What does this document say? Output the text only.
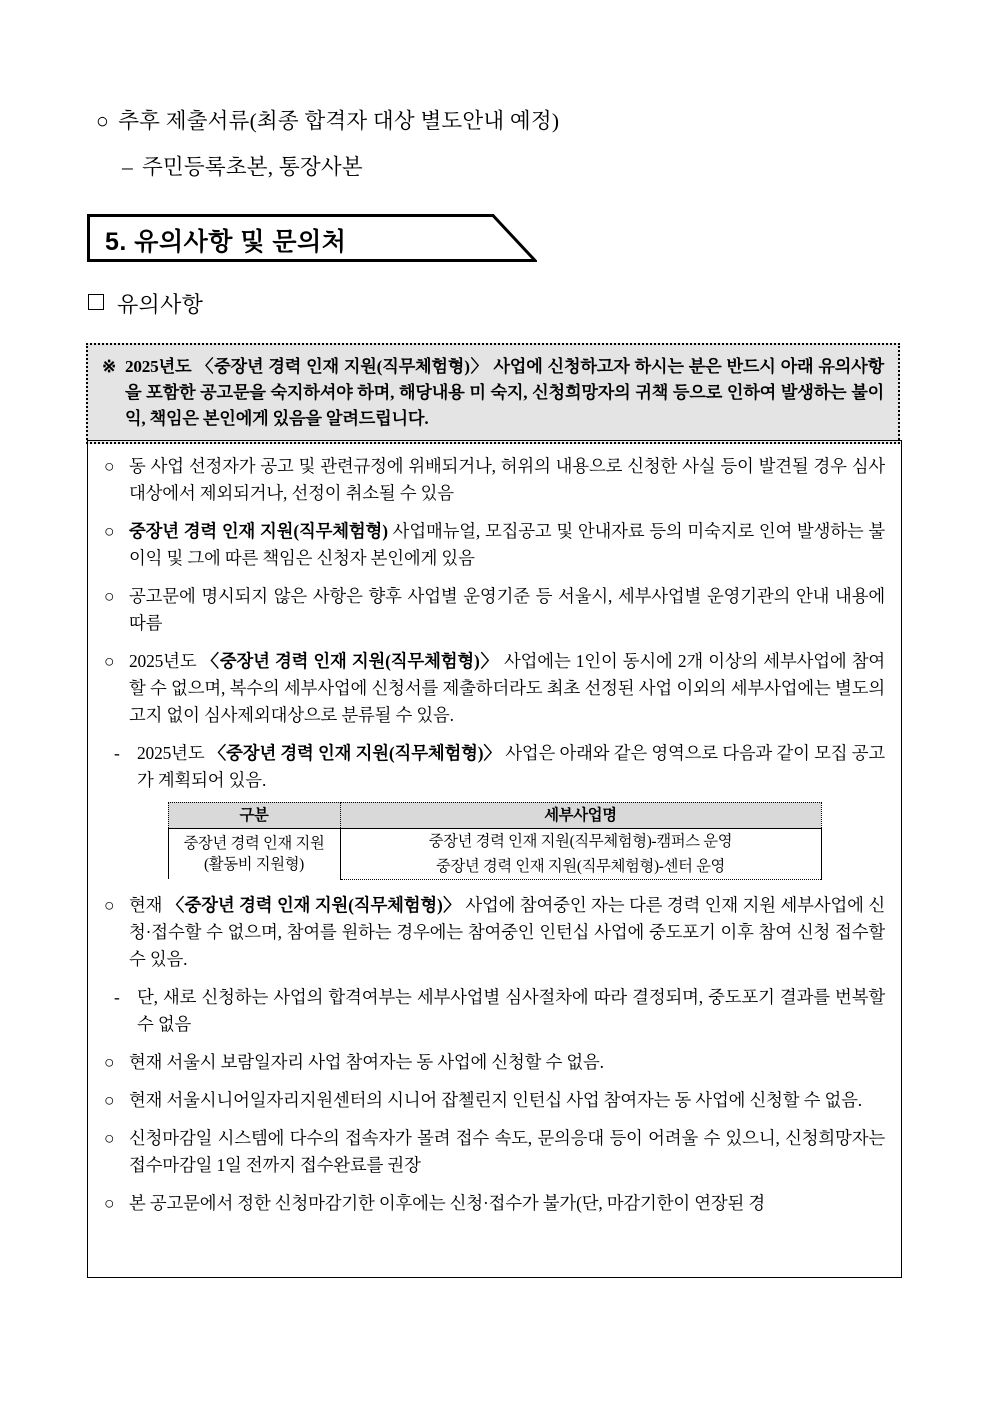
○ 추후 제출서류(최종 합격자 대상 별도안내 예정)
– 주민등록초본, 통장사본
5. 유의사항 및 문의처
유의사항

※ 2025년도 〈중장년 경력 인재 지원(직무체험형)〉 사업에 신청하고자 하시는 분은 반드시 아래 유의사항을 포함한 공고문을 숙지하셔야 하며, 해당내용 미 숙지, 신청희망자의 귀책 등으로 인하여 발생하는 불이익, 책임은 본인에게 있음을 알려드립니다.

○ 동 사업 선정자가 공고 및 관련규정에 위배되거나, 허위의 내용으로 신청한 사실 등이 발견될 경우 심사대상에서 제외되거나, 선정이 취소될 수 있음
○ 중장년 경력 인재 지원(직무체험형) 사업매뉴얼, 모집공고 및 안내자료 등의 미숙지로 인여 발생하는 불이익 및 그에 따른 책임은 신청자 본인에게 있음
○ 공고문에 명시되지 않은 사항은 향후 사업별 운영기준 등 서울시, 세부사업별 운영기관의 안내 내용에 따름
○ 2025년도 〈중장년 경력 인재 지원(직무체험형)〉 사업에는 1인이 동시에 2개 이상의 세부사업에 참여할 수 없으며, 복수의 세부사업에 신청서를 제출하더라도 최초 선정된 사업 이외의 세부사업에는 별도의 고지 없이 심사제외대상으로 분류될 수 있음.
- 2025년도 〈중장년 경력 인재 지원(직무체험형)〉 사업은 아래와 같은 영역으로 다음과 같이 모집 공고가 계획되어 있음.
구분	세부사업명

중장년 경력 인재 지원
(활동비 지원형)	중장년 경력 인재 지원(직무체험형)-캠퍼스 운영
	중장년 경력 인재 지원(직무체험형)-센터 운영
○ 현재 〈중장년 경력 인재 지원(직무체험형)〉 사업에 참여중인 자는 다른 경력 인재 지원 세부사업에 신청·접수할 수 없으며, 참여를 원하는 경우에는 참여중인 인턴십 사업에 중도포기 이후 참여 신청 접수할 수 있음.
- 단, 새로 신청하는 사업의 합격여부는 세부사업별 심사절차에 따라 결정되며, 중도포기 결과를 번복할 수 없음
○ 현재 서울시 보람일자리 사업 참여자는 동 사업에 신청할 수 없음.
○ 현재 서울시니어일자리지원센터의 시니어 잡첼린지 인턴십 사업 참여자는 동 사업에 신청할 수 없음.
○ 신청마감일 시스템에 다수의 접속자가 몰려 접수 속도, 문의응대 등이 어려울 수 있으니, 신청희망자는 접수마감일 1일 전까지 접수완료를 권장
○ 본 공고문에서 정한 신청마감기한 이후에는 신청·접수가 불가(단, 마감기한이 연장된 경
